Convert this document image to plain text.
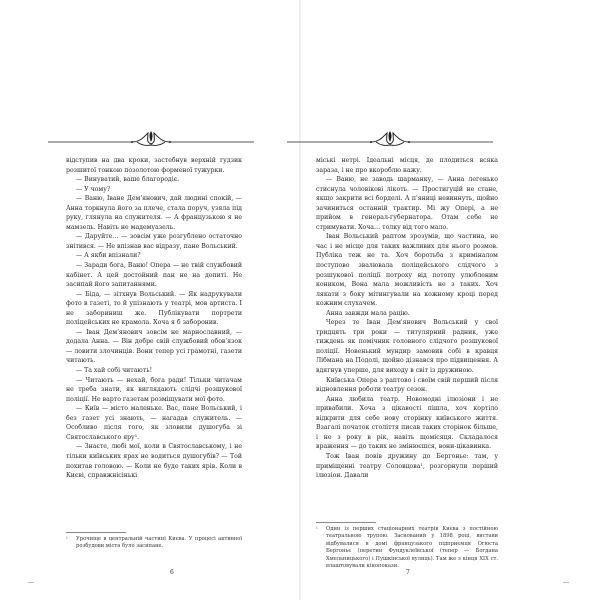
відступив на два кроки, застебнув верхній гудзик розшитої тонкою позолотою форменої тужурки.

— Винуватий, ваше благородіє.

— У чому?

— Ваню, Іване Дем'янович, дай людині спокій, — Анна торкнула його за плече, стала поруч, узяла під руку, глянула на служителя. — А французькою я не мамзель. Навіть не мадемуазель.

— Даруйте… — зовсім уже розгублено остаточно знітився. — Не впізнав вас відразу, пане Вольський.

— А якби впізнали?

— Заради бога, Ваню! Опера — не твій службовий кабінет. А цей достойний пан не на допиті. Не засипай його запитаннями.

— Біда, — зітхнув Вольський. — Як надрукували фото в газеті, то й упізнають у театрі, мов артиста. І не забориниш же. Публікувати портрети поліцейських не крамола. Хоча я б заборонив.

— Іван Дем'янович зовсім не марнославний, — додала Анна. — Він добре свій службовий обов'язок — ловити злочинців. Вони тепер усі грамотні, газети читають.

— Та хай собі читають!

— Читають — нехай, бога ради! Тільки читачам не треба знати, як виглядають слідчі розшукової поліції. Не варто газетам розміщувати мої фото.

— Київ — місто маленьке. Вас, пане Вольський, і без газет усі знають, — нагадав служитель. — Особливо після того, як зловили душогуба зі Святославського яру¹.

— Знаєте, любі мої, коли в Святославському, і не тільки київських ярах не водиться душогубів? — Той похитав головою. — Коли не буде таких ярів. Коли в Києві, справжнісінькі

¹	Урочище в центральній частині Києва. У процесі активної розбудови міста було засипане.
6

міські нетрі. Ідеальні місця, де плодиться всяка зараза, і не про вкороблю кажу.

— Ваню, не заводь шарманку, — Анна легенько стиснула чоловікові лікоть. — Простигуцій не стане, якщо закрити всі борделі. А п'яниці невиннуть, щойно зачиниться останній трактир. Мі жу Опері, а не прийом в генерал-губернатора. Отам себе не стримувати. Хоча… толку від того мало.

Іван Вольський раптом зрозумів, що частина, не час і не місце для таких важливих для нього розмов. Публіка теж не та. Хоч боротьба з криміналом поступово звалювала поліцейського слідчого з розшукової поліції потроху від потопу улюбленим коником, Вона мала можливість не з таких. Хоч лякати з боку мітингували на кожному кроці перед кожним слухачем.

Анна завжди мала рацію.

Через те Іван Дем'янович Вольський у свої тридцять три роки — титулярний радник, уже тиждень як помічник головного слідчого розшукової поліції. Новенький мундир замовив собі в кравця Лібмана на Подолі, щойно дізнався про підвищення. А вдягнув уперше, для виходу в світ із дружиною.

Київська Опера з раптово і своїм свій перший після відновлення роботи театру сезон.

Анна любила театр. Новомодні ілюзіони і не привабили. Хоча з цікавості пішла, хоч кортіло відкрити для себе нову сторінку київського життя. Взагалі початок століття писав таких сторінок більше, і не з року в рік, навіть щомісяця. Складалося враження — до таких не змінюєшся, вони-цікавинка.

Тож Іван повів дружину до Бергонье: там, у приміщенні театру Соловцова¹, розгорнули перший ілюзіон. Давали

¹	Один із перших стаціонарних театрів Києва з постійною театральною трупою. Заснований у 1898 році, вистави відбувалися в домі французького підприємця Огюста Бергоньє (перетин Фундуклеївської (тепер — Богдана Хмельницького) і Пушкінської вулиць). Там же з кінця XIX ст. влаштовували кінопокази.
7
